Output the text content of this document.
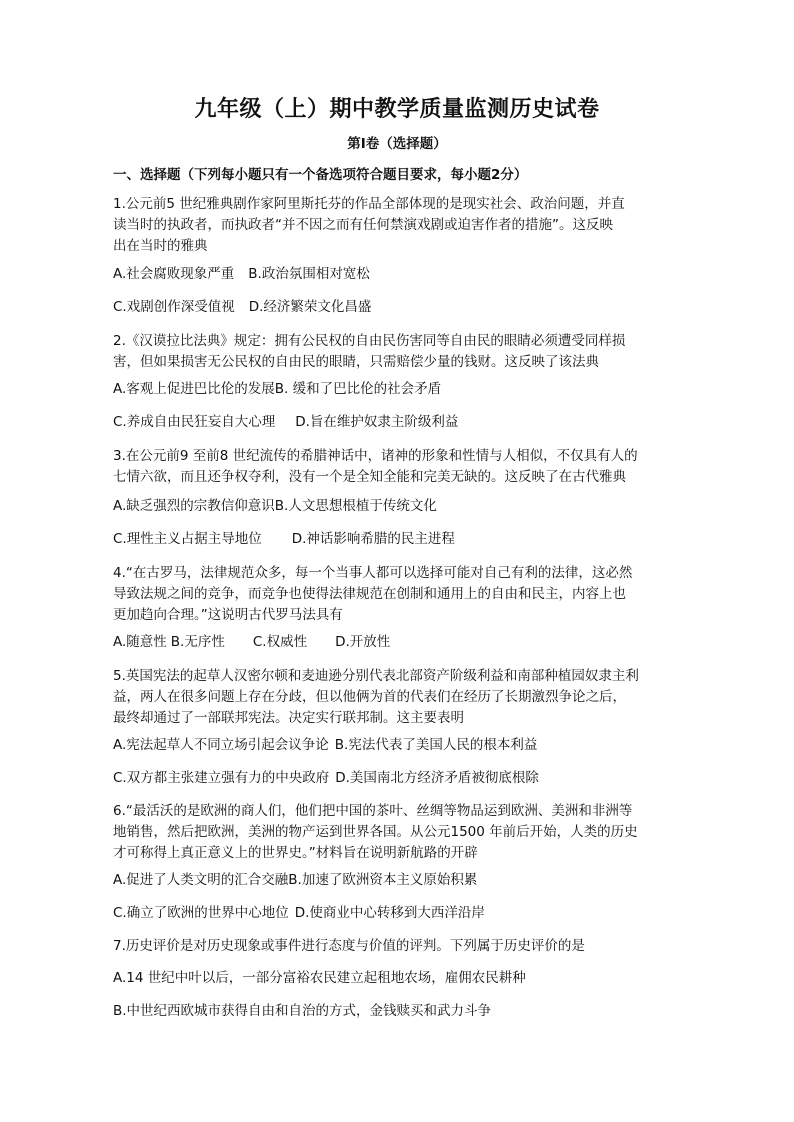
九年级（上）期中教学质量监测历史试卷
第Ⅰ卷（选择题）
一、选择题（下列每小题只有一个备选项符合题目要求，每小题2分）
1.公元前5 世纪雅典剧作家阿里斯托芬的作品全部体现的是现实社会、政治问题，并直
读当时的执政者，而执政者“并不因之而有任何禁演戏剧或迫害作者的措施”。这反映
出在当时的雅典
A.社会腐败现象严重 B.政治氛围相对宽松
C.戏剧创作深受值视 D.经济繁荣文化昌盛
2.《汉谟拉比法典》规定：拥有公民权的自由民伤害同等自由民的眼睛必须遭受同样损
害，但如果损害无公民权的自由民的眼睛，只需赔偿少量的钱财。这反映了该法典
A.客观上促进巴比伦的发展B. 缓和了巴比伦的社会矛盾
C.养成自由民狂妄自大心理 D.旨在维护奴隶主阶级利益
3.在公元前9 至前8 世纪流传的希腊神话中，诸神的形象和性情与人相似，不仅具有人的
七情六欲，而且还争权夺利，没有一个是全知全能和完美无缺的。这反映了在古代雅典
A.缺乏强烈的宗教信仰意识B.人文思想根植于传统文化
C.理性主义占据主导地位 D.神话影响希腊的民主进程
4.“在古罗马，法律规范众多，每一个当事人都可以选择可能对自己有利的法律，这必然
导致法规之间的竞争，而竞争也使得法律规范在创制和通用上的自由和民主，内容上也
更加趋向合理。”这说明古代罗马法具有
A.随意性 B.无序性 C.权威性 D.开放性
5.英国宪法的起草人汉密尔顿和麦迪逊分别代表北部资产阶级利益和南部种植园奴隶主利
益，两人在很多问题上存在分歧，但以他俩为首的代表们在经历了长期激烈争论之后，
最终却通过了一部联邦宪法。决定实行联邦制。这主要表明
A.宪法起草人不同立场引起会议争论 B.宪法代表了美国人民的根本利益
C.双方都主张建立强有力的中央政府 D.美国南北方经济矛盾被彻底根除
6.“最活沃的是欧洲的商人们，他们把中国的茶叶、丝绸等物品运到欧洲、美洲和非洲等
地销售，然后把欧洲，美洲的物产运到世界各国。从公元1500 年前后开始，人类的历史
才可称得上真正意义上的世界史。”材料旨在说明新航路的开辟
A.促进了人类文明的汇合交融B.加速了欧洲资本主义原始积累
C.确立了欧洲的世界中心地位 D.使商业中心转移到大西洋沿岸
7.历史评价是对历史现象或事件进行态度与价值的评判。下列属于历史评价的是
A.14 世纪中叶以后，一部分富裕农民建立起租地农场，雇佣农民耕种
B.中世纪西欧城市获得自由和自治的方式，金钱赎买和武力斗争
